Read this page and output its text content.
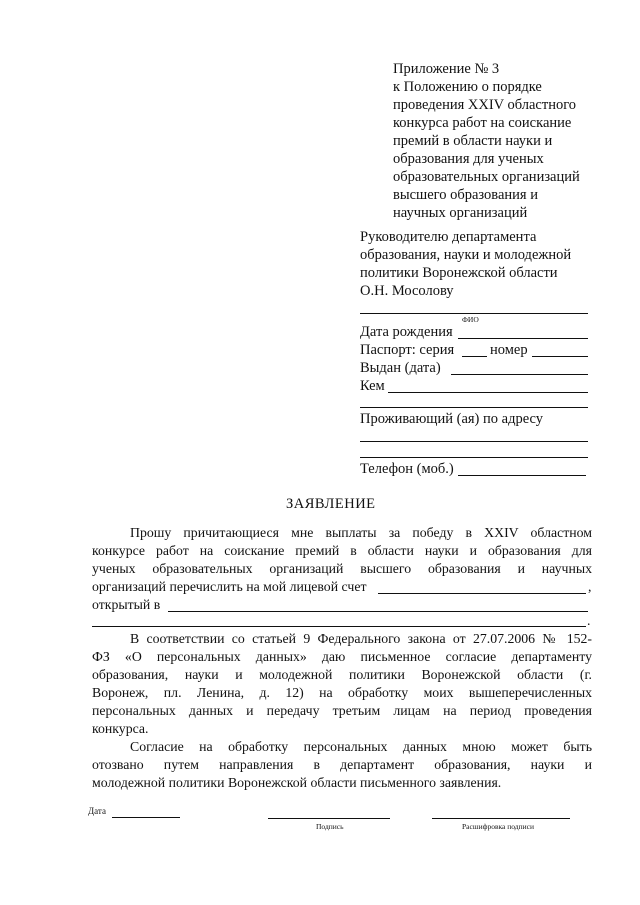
Приложение № 3
к Положению о порядке
проведения XXIV областного
конкурса работ на соискание
премий в области науки и
образования для ученых
образовательных организаций
высшего образования и
научных организаций
Руководителю департамента
образования, науки и молодежной
политики Воронежской области
О.Н. Мосолову
ФИО
Дата рождения
Паспорт: серия номер
Выдан (дата)
Кем
Проживающий (ая) по адресу
Телефон (моб.)
ЗАЯВЛЕНИЕ
Прошу причитающиеся мне выплаты за победу в XXIV областном
конкурсе работ на соискание премий в области науки и образования для
ученых образовательных организаций высшего образования и научных
организаций перечислить на мой лицевой счет	,
открытый в
.
В соответствии со статьей 9 Федерального закона от 27.07.2006 № 152-
ФЗ «О персональных данных» даю письменное согласие департаменту
образования, науки и молодежной политики Воронежской области (г.
Воронеж, пл. Ленина, д. 12) на обработку моих вышеперечисленных
персональных данных и передачу третьим лицам на период проведения
конкурса.
Согласие на обработку персональных данных мною может быть
отозвано путем направления в департамент образования, науки и
молодежной политики Воронежской области письменного заявления.
Дата
Подпись	Расшифровка подписи
